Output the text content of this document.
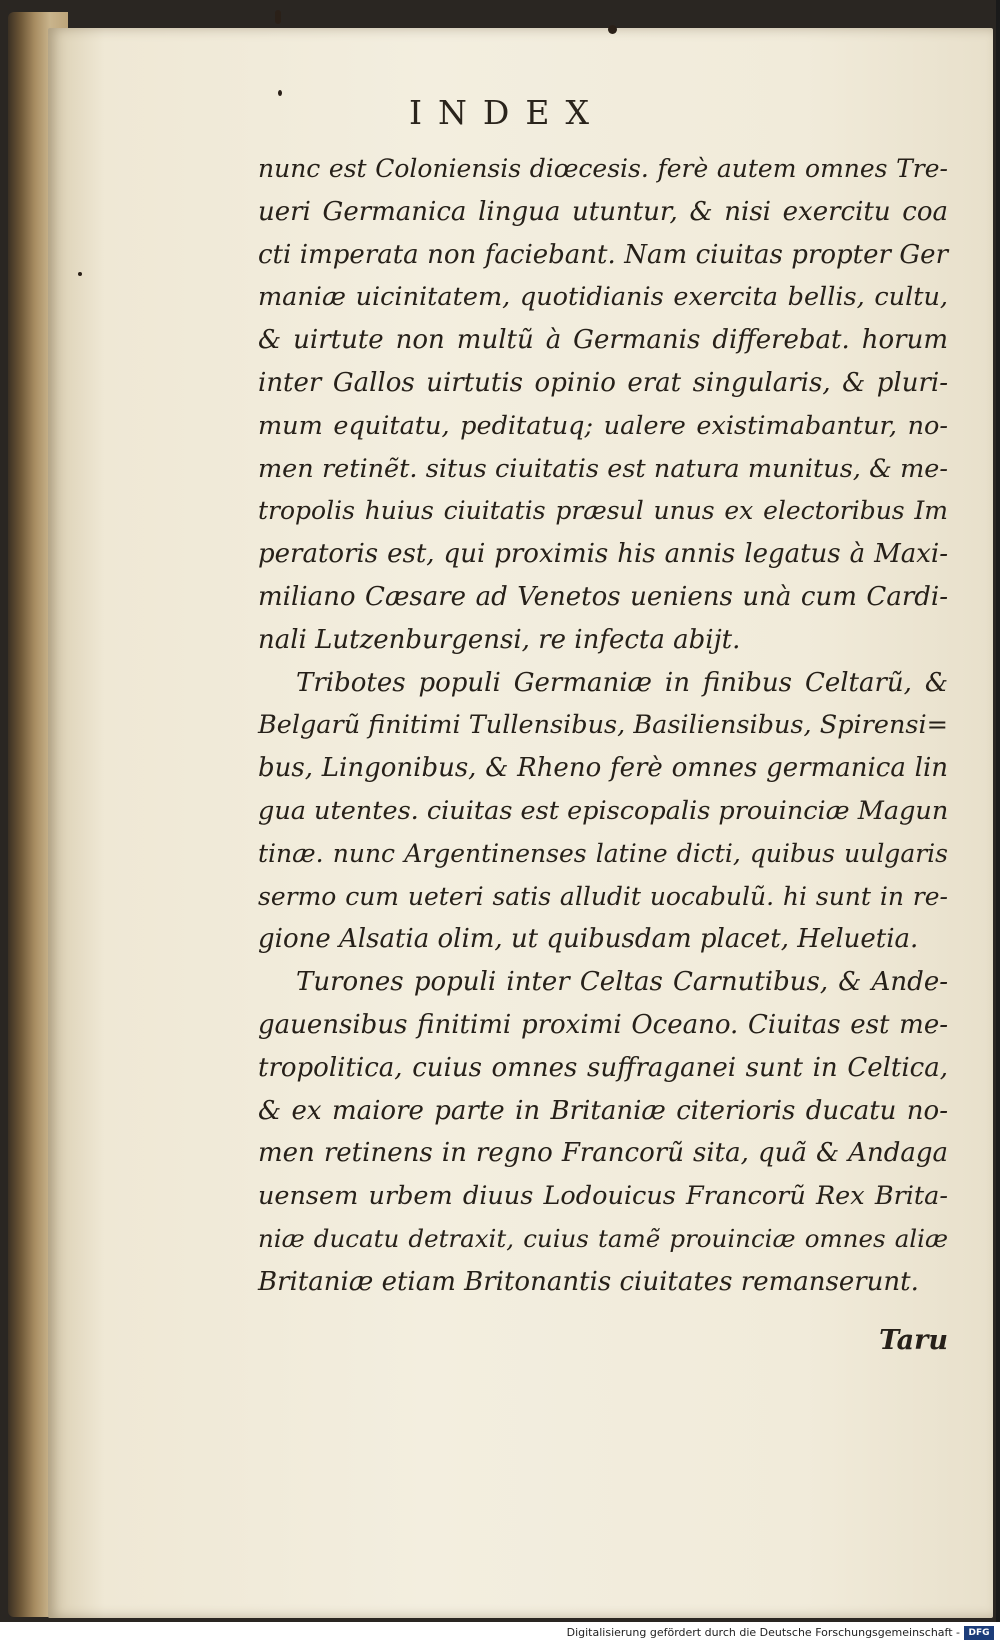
INDEX
nunc est Coloniensis diœcesis. ferè autem omnes Tre-
ueri Germanica lingua utuntur, & nisi exercitu coa
cti imperata non faciebant. Nam ciuitas propter Ger
maniæ uicinitatem, quotidianis exercita bellis, cultu,
& uirtute non multũ à Germanis differebat. horum
inter Gallos uirtutis opinio erat singularis, & pluri-
mum equitatu, peditatuq; ualere existimabantur, no-
men retinẽt. situs ciuitatis est natura munitus, & me-
tropolis huius ciuitatis præsul unus ex electoribus Im
peratoris est, qui proximis his annis legatus à Maxi-
miliano Cæsare ad Venetos ueniens unà cum Cardi-
nali Lutzenburgensi, re infecta abijt.
Tribotes populi Germaniæ in finibus Celtarũ, &
Belgarũ finitimi Tullensibus, Basiliensibus, Spirensi=
bus, Lingonibus, & Rheno ferè omnes germanica lin
gua utentes. ciuitas est episcopalis prouinciæ Magun
tinæ. nunc Argentinenses latine dicti, quibus uulgaris
sermo cum ueteri satis alludit uocabulũ. hi sunt in re-
gione Alsatia olim, ut quibusdam placet, Heluetia.
Turones populi inter Celtas Carnutibus, & Ande-
gauensibus finitimi proximi Oceano. Ciuitas est me-
tropolitica, cuius omnes suffraganei sunt in Celtica,
& ex maiore parte in Britaniæ citerioris ducatu no-
men retinens in regno Francorũ sita, quã & Andaga
uensem urbem diuus Lodouicus Francorũ Rex Brita-
niæ ducatu detraxit, cuius tamẽ prouinciæ omnes aliæ
Britaniæ etiam Britonantis ciuitates remanserunt.
Taru
Digitalisierung gefördert durch die Deutsche Forschungsgemeinschaft - DFG
